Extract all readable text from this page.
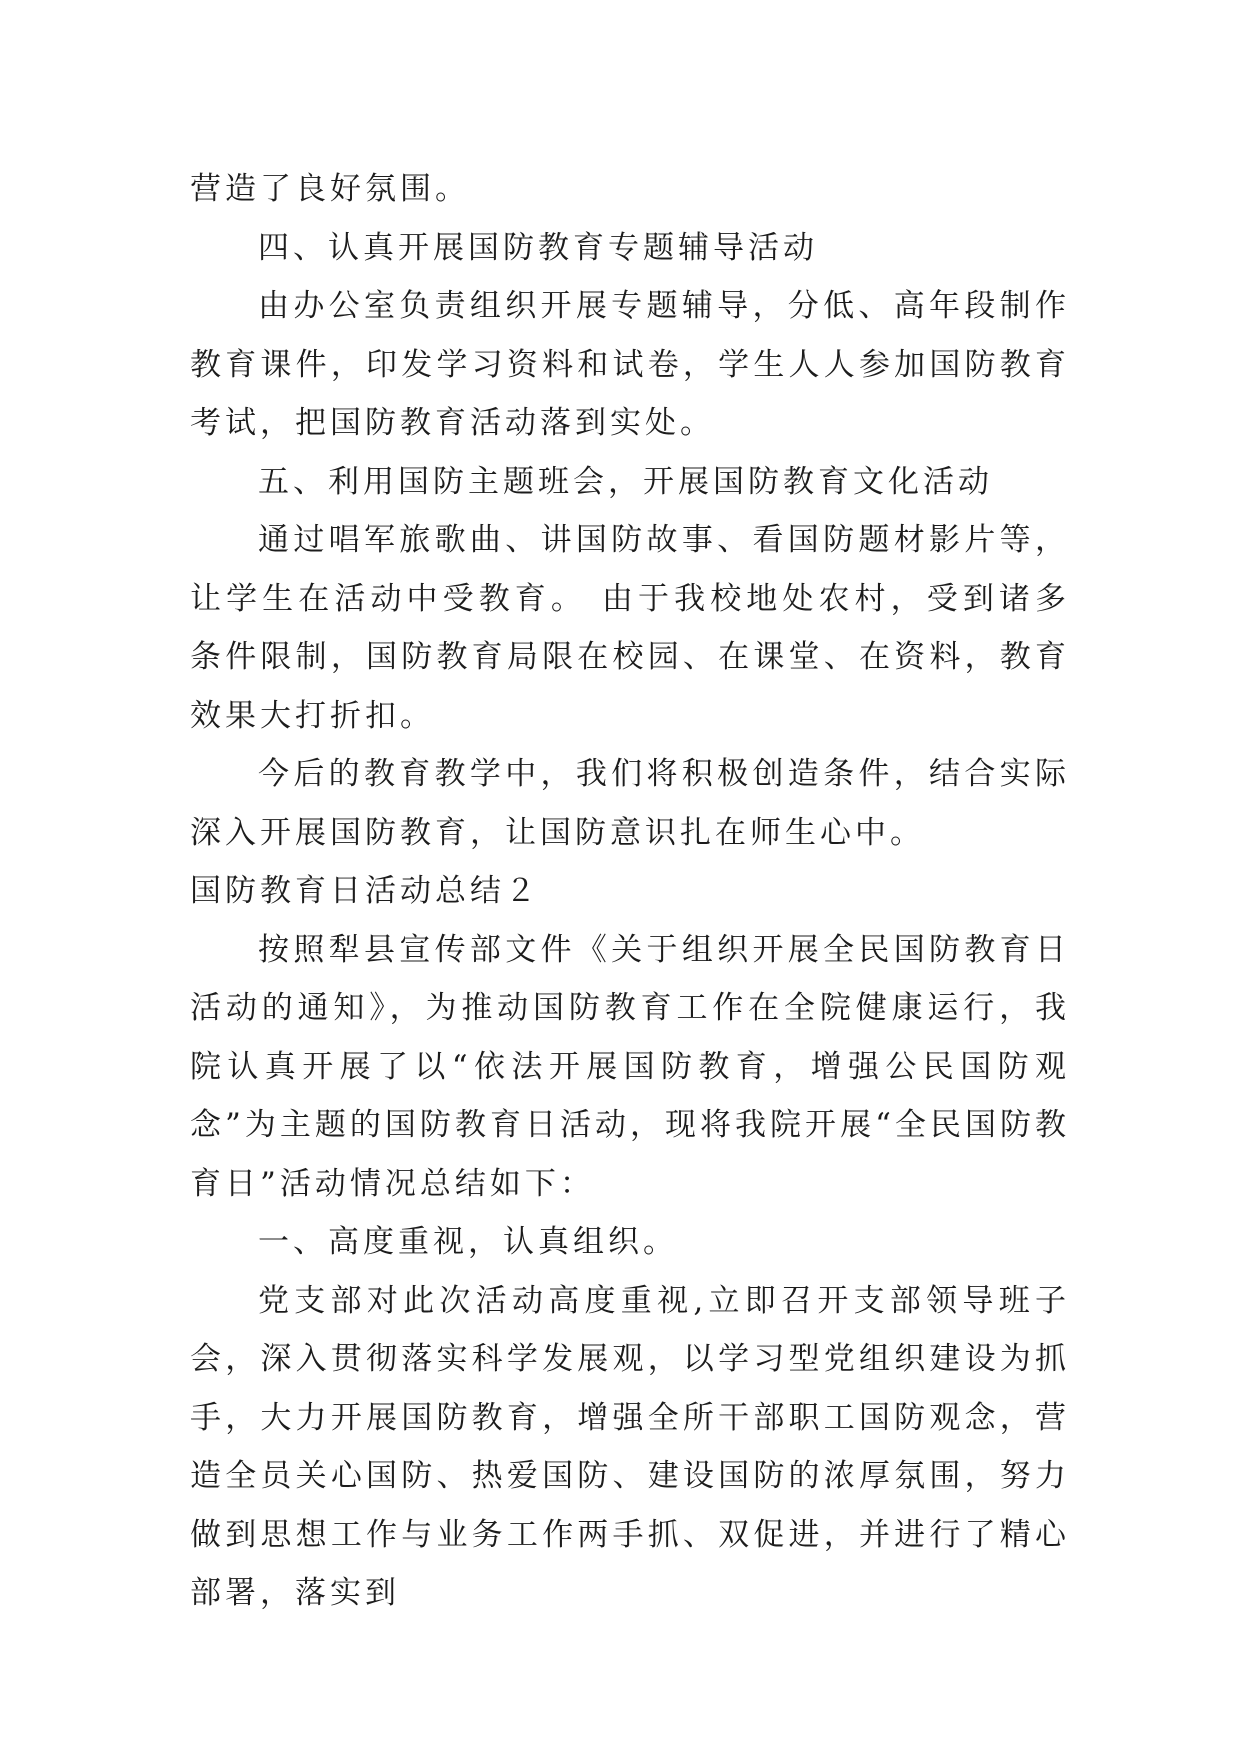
营造了良好氛围。

四、认真开展国防教育专题辅导活动

由办公室负责组织开展专题辅导，分低、高年段制作教育课件，印发学习资料和试卷，学生人人参加国防教育考试，把国防教育活动落到实处。

五、利用国防主题班会，开展国防教育文化活动

通过唱军旅歌曲、讲国防故事、看国防题材影片等，让学生在活动中受教育。 由于我校地处农村，受到诸多条件限制，国防教育局限在校园、在课堂、在资料，教育效果大打折扣。

今后的教育教学中，我们将积极创造条件，结合实际深入开展国防教育，让国防意识扎在师生心中。

国防教育日活动总结２

按照犁县宣传部文件《关于组织开展全民国防教育日活动的通知》，为推动国防教育工作在全院健康运行，我院认真开展了以“依法开展国防教育，增强公民国防观念”为主题的国防教育日活动，现将我院开展“全民国防教育日”活动情况总结如下：

一、高度重视，认真组织。

党支部对此次活动高度重视,立即召开支部领导班子会，深入贯彻落实科学发展观，以学习型党组织建设为抓手，大力开展国防教育，增强全所干部职工国防观念，营造全员关心国防、热爱国防、建设国防的浓厚氛围，努力做到思想工作与业务工作两手抓、双促进，并进行了精心部署，落实到
